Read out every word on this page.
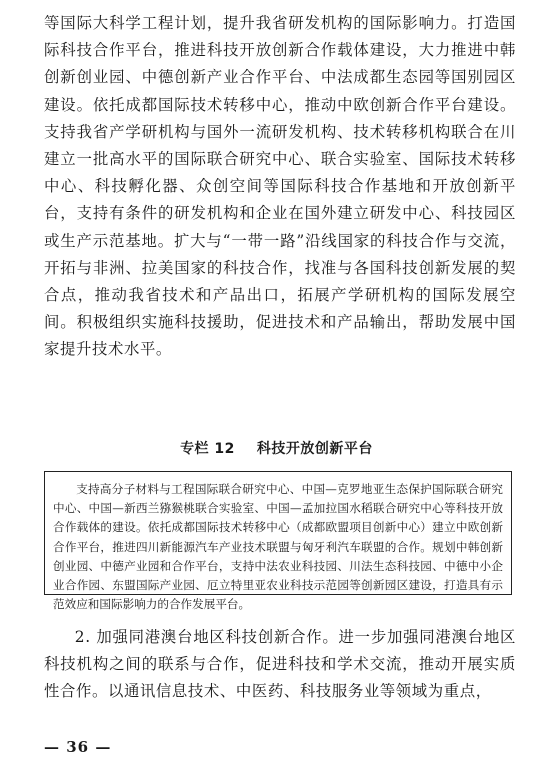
等国际大科学工程计划，提升我省研发机构的国际影响力。打造国际科技合作平台，推进科技开放创新合作载体建设，大力推进中韩创新创业园、中德创新产业合作平台、中法成都生态园等国别园区建设。依托成都国际技术转移中心，推动中欧创新合作平台建设。支持我省产学研机构与国外一流研发机构、技术转移机构联合在川建立一批高水平的国际联合研究中心、联合实验室、国际技术转移中心、科技孵化器、众创空间等国际科技合作基地和开放创新平台，支持有条件的研发机构和企业在国外建立研发中心、科技园区或生产示范基地。扩大与“一带一路”沿线国家的科技合作与交流，开拓与非洲、拉美国家的科技合作，找准与各国科技创新发展的契合点，推动我省技术和产品出口，拓展产学研机构的国际发展空间。积极组织实施科技援助，促进技术和产品输出，帮助发展中国家提升技术水平。

专栏 12 科技开放创新平台

支持高分子材料与工程国际联合研究中心、中国—克罗地亚生态保护国际联合研究中心、中国—新西兰猕猴桃联合实验室、中国—孟加拉国水稻联合研究中心等科技开放合作载体的建设。依托成都国际技术转移中心（成都欧盟项目创新中心）建立中欧创新合作平台，推进四川新能源汽车产业技术联盟与匈牙利汽车联盟的合作。规划中韩创新创业园、中德产业园和合作平台，支持中法农业科技园、川法生态科技园、中德中小企业合作园、东盟国际产业园、厄立特里亚农业科技示范园等创新园区建设，打造具有示范效应和国际影响力的合作发展平台。

2. 加强同港澳台地区科技创新合作。进一步加强同港澳台地区科技机构之间的联系与合作，促进科技和学术交流，推动开展实质性合作。以通讯信息技术、中医药、科技服务业等领域为重点，

— 36 —
